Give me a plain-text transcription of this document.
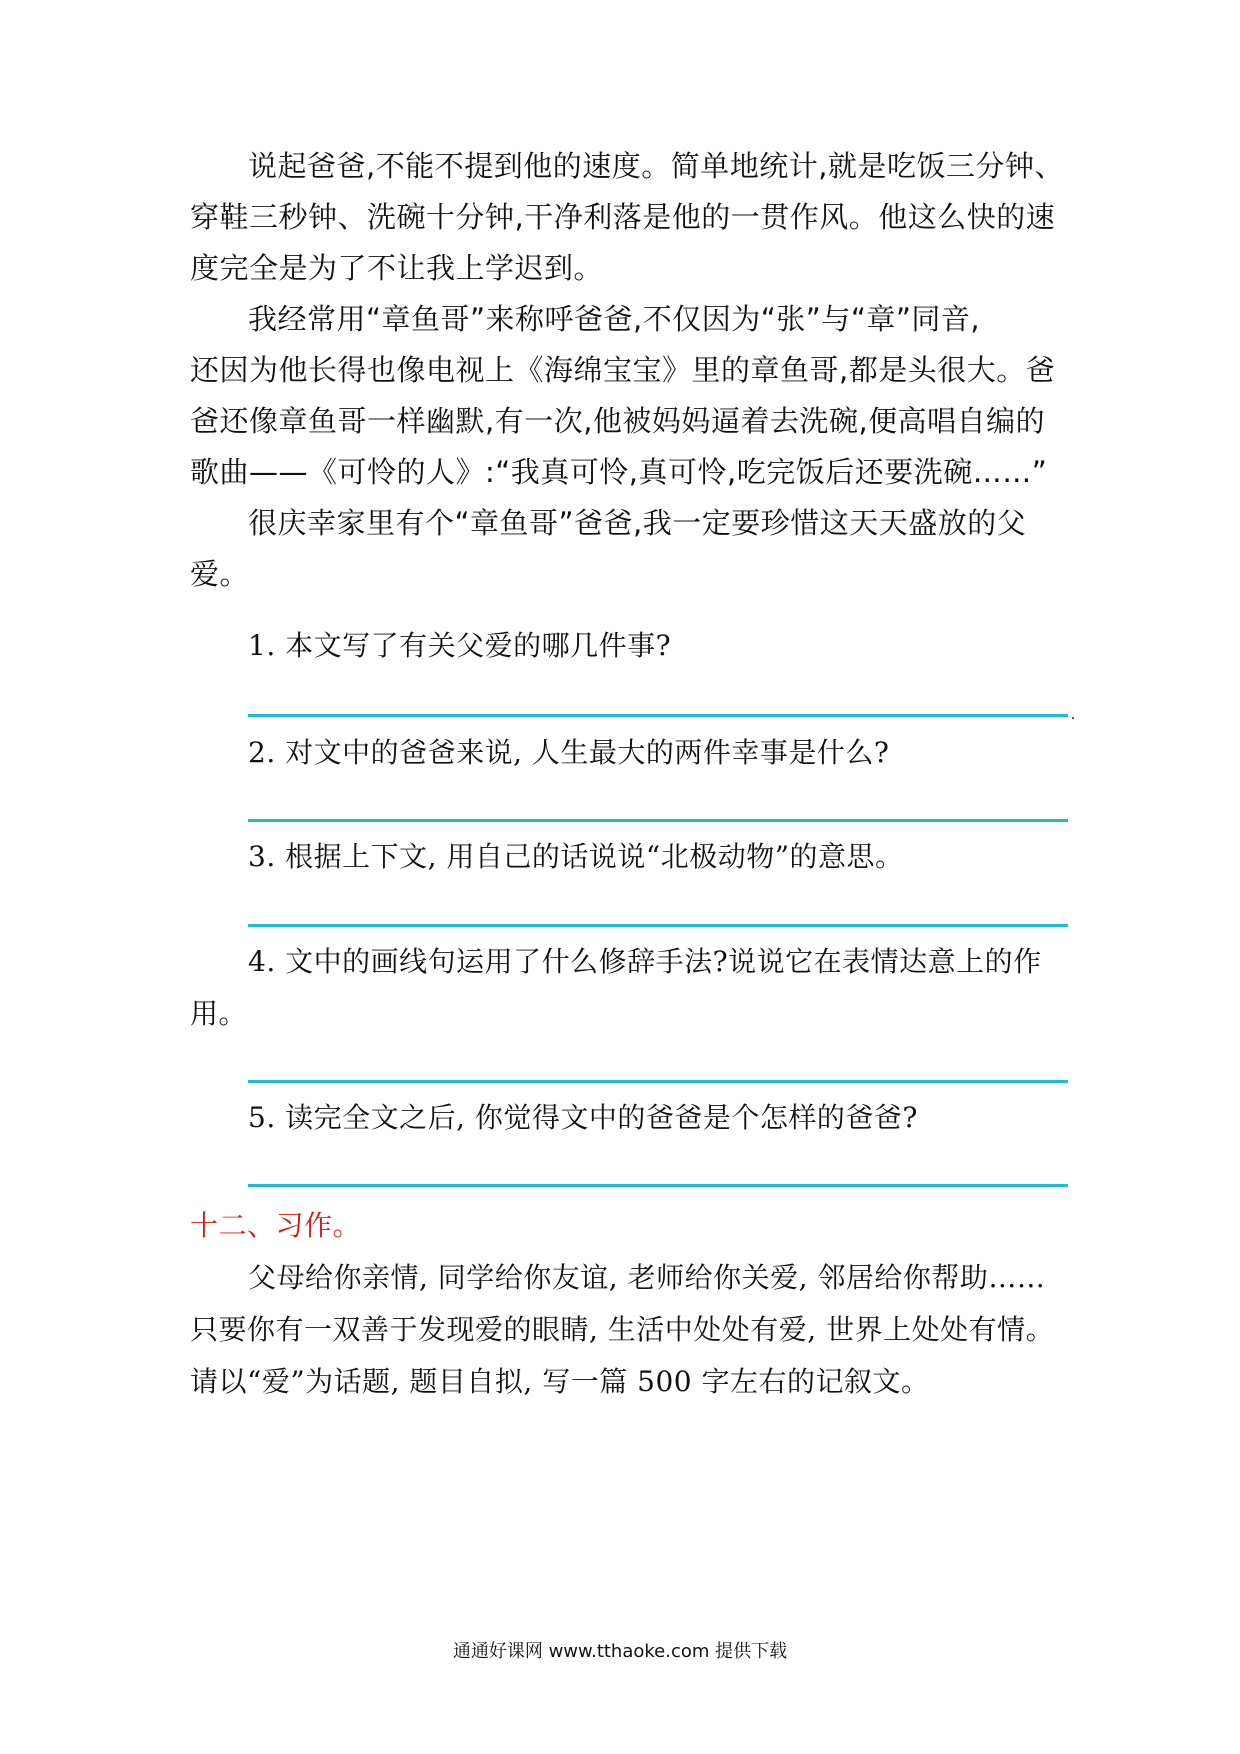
说起爸爸,不能不提到他的速度。简单地统计,就是吃饭三分钟、
穿鞋三秒钟、洗碗十分钟,干净利落是他的一贯作风。他这么快的速
度完全是为了不让我上学迟到。
我经常用“章鱼哥”来称呼爸爸,不仅因为“张”与“章”同音,
还因为他长得也像电视上《海绵宝宝》里的章鱼哥,都是头很大。爸
爸还像章鱼哥一样幽默,有一次,他被妈妈逼着去洗碗,便高唱自编的
歌曲——《可怜的人》:“我真可怜,真可怜,吃完饭后还要洗碗……”
很庆幸家里有个“章鱼哥”爸爸,我一定要珍惜这天天盛放的父
爱。
1. 本文写了有关父爱的哪几件事?
2. 对文中的爸爸来说, 人生最大的两件幸事是什么?
3. 根据上下文, 用自己的话说说“北极动物”的意思。
4. 文中的画线句运用了什么修辞手法?说说它在表情达意上的作
用。
5. 读完全文之后, 你觉得文中的爸爸是个怎样的爸爸?
十二、习作。
父母给你亲情, 同学给你友谊, 老师给你关爱, 邻居给你帮助……
只要你有一双善于发现爱的眼睛, 生活中处处有爱, 世界上处处有情。
请以“爱”为话题, 题目自拟, 写一篇 500 字左右的记叙文。
通通好课网 www.tthaoke.com 提供下载
